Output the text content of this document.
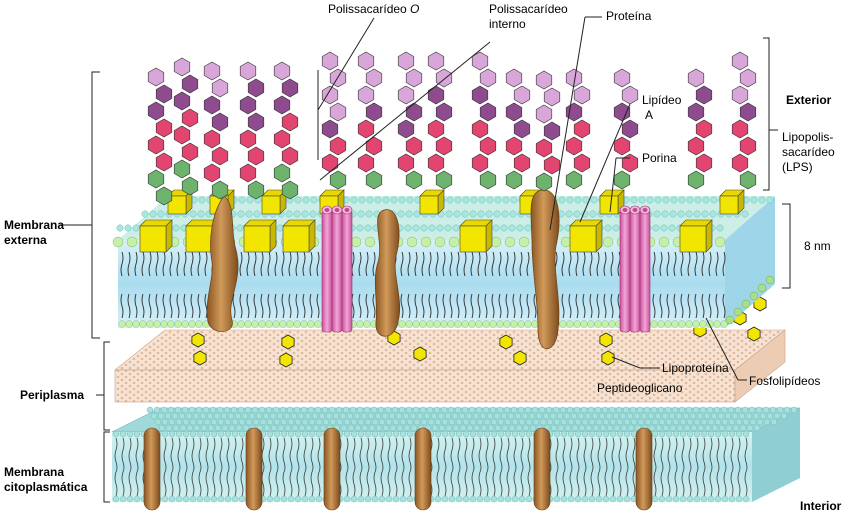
Polissacarídeo O	Polissacarídeo
interno
Proteína
Lipídeo
A
Porina
Exterior
Lipopolis-
sacarídeo
(LPS)
Membrana
externa	8 nm
Lipoproteína
Peptideoglicano	Fosfolipídeos
Periplasma
Membrana
citoplasmática
Interior
